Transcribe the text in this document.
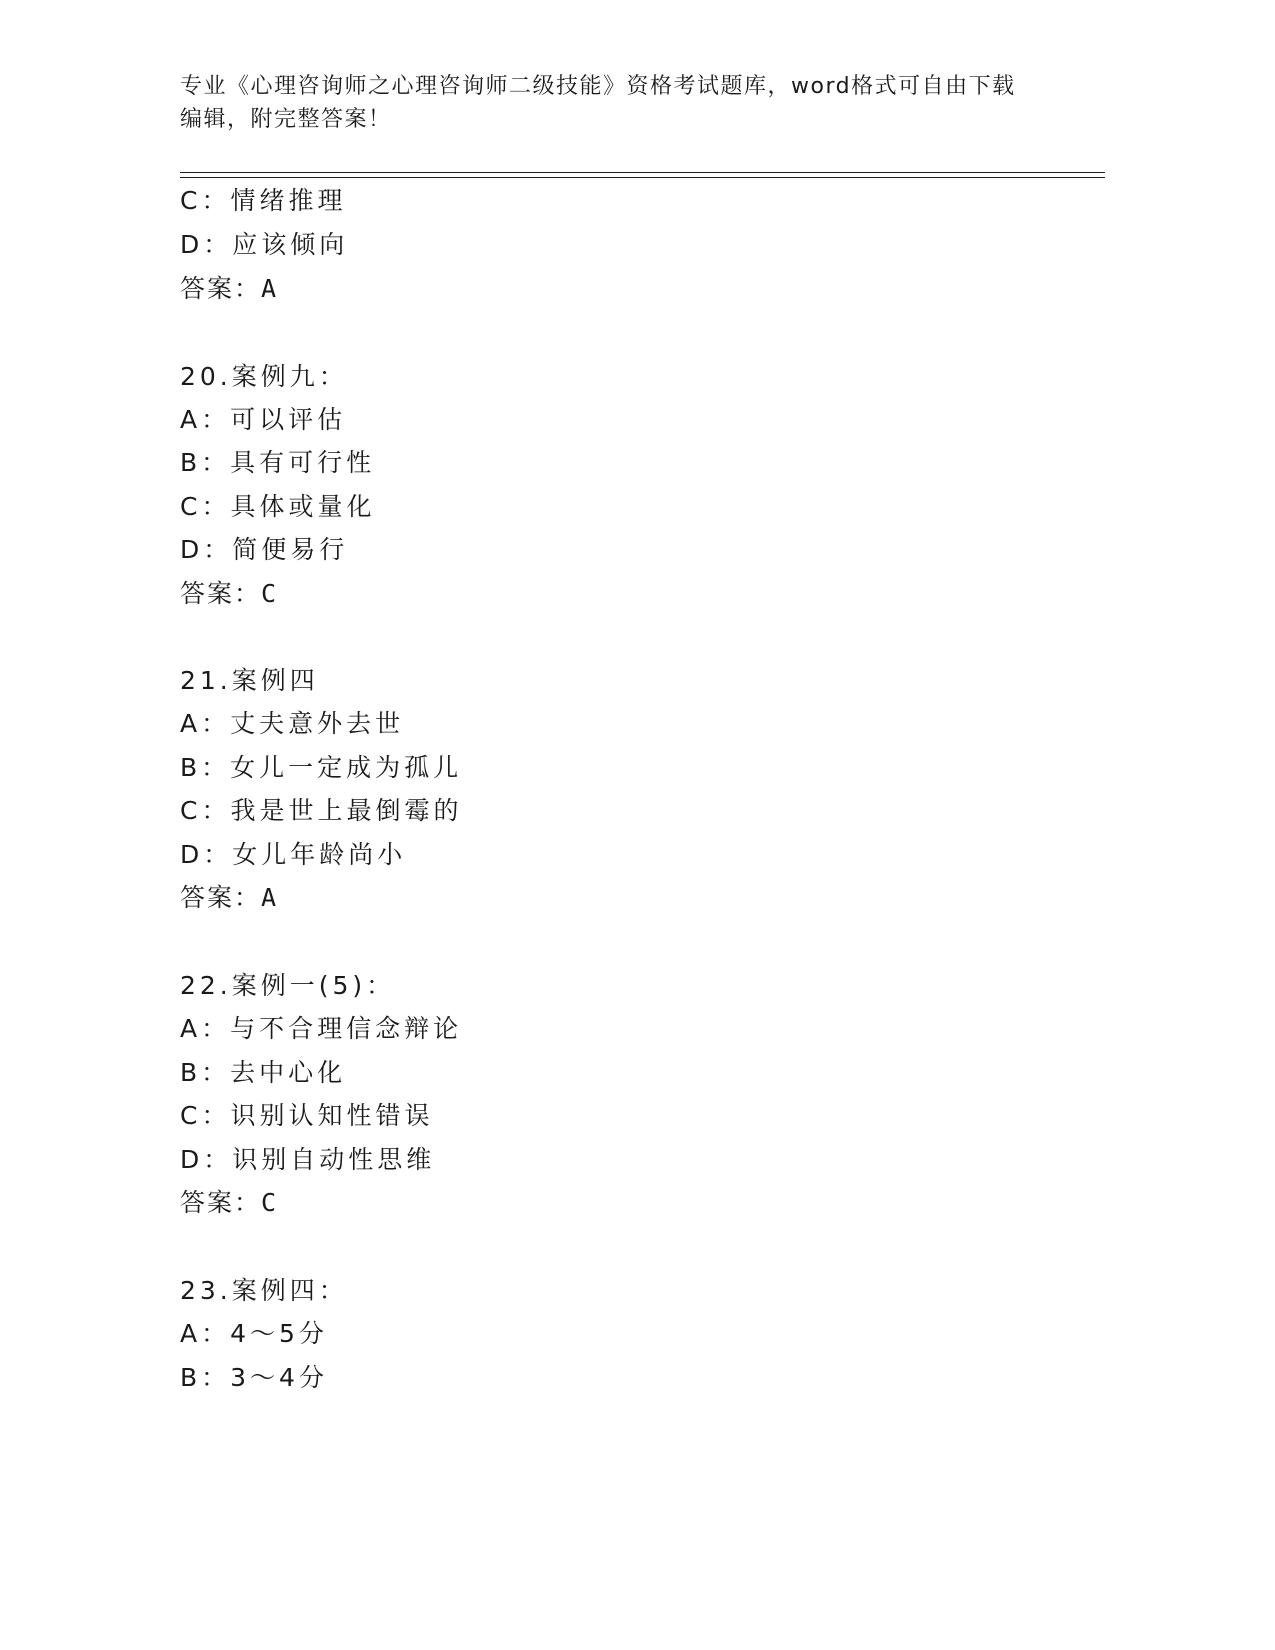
专业《心理咨询师之心理咨询师二级技能》资格考试题库，word格式可自由下载
编辑，附完整答案！
C：情绪推理
D：应该倾向
答案：A
20.案例九：
A：可以评估
B：具有可行性
C：具体或量化
D：简便易行
答案：C
21.案例四
A：丈夫意外去世
B：女儿一定成为孤儿
C：我是世上最倒霉的
D：女儿年龄尚小
答案：A
22.案例一(5)：
A：与不合理信念辩论
B：去中心化
C：识别认知性错误
D：识别自动性思维
答案：C
23.案例四：
A：4～5分
B：3～4分
